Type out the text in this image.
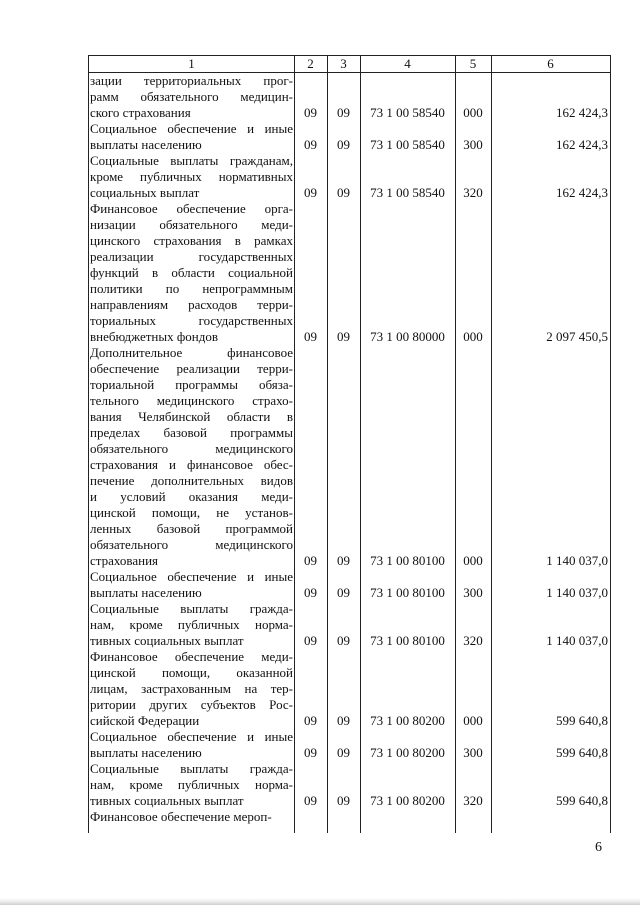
1	2	3	4	5	6
зации территориальных прог-
рамм обязательного медицин-
ского страхования	09	09	73 1 00 58540	000	162 424,3
Социальное обеспечение и иные
выплаты населению	09	09	73 1 00 58540	300	162 424,3
Социальные выплаты гражданам,
кроме публичных нормативных
социальных выплат	09	09	73 1 00 58540	320	162 424,3
Финансовое обеспечение орга-
низации обязательного меди-
цинского страхования в рамках
реализации государственных
функций в области социальной
политики по непрограммным
направлениям расходов терри-
ториальных государственных
внебюджетных фондов	09	09	73 1 00 80000	000	2 097 450,5
Дополнительное финансовое
обеспечение реализации терри-
ториальной программы обяза-
тельного медицинского страхо-
вания Челябинской области в
пределах базовой программы
обязательного медицинского
страхования и финансовое обес-
печение дополнительных видов
и условий оказания меди-
цинской помощи, не установ-
ленных базовой программой
обязательного медицинского
страхования	09	09	73 1 00 80100	000	1 140 037,0
Социальное обеспечение и иные
выплаты населению	09	09	73 1 00 80100	300	1 140 037,0
Социальные выплаты гражда-
нам, кроме публичных норма-
тивных социальных выплат	09	09	73 1 00 80100	320	1 140 037,0
Финансовое обеспечение меди-
цинской помощи, оказанной
лицам, застрахованным на тер-
ритории других субъектов Рос-
сийской Федерации	09	09	73 1 00 80200	000	599 640,8
Социальное обеспечение и иные
выплаты населению	09	09	73 1 00 80200	300	599 640,8
Социальные выплаты гражда-
нам, кроме публичных норма-
тивных социальных выплат	09	09	73 1 00 80200	320	599 640,8
Финансовое обеспечение мероп-
6
